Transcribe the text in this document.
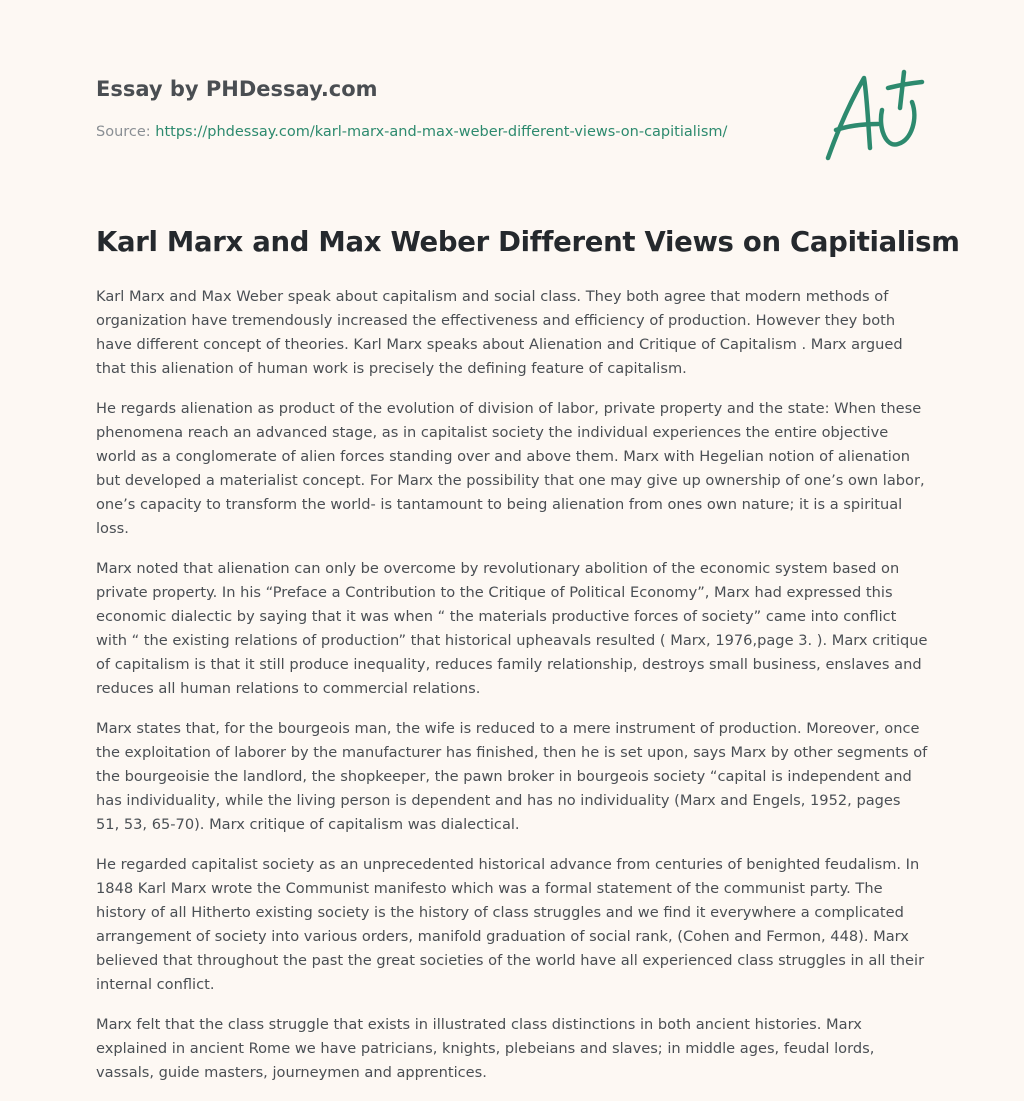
Essay by PHDessay.com

Source: https://phdessay.com/karl-marx-and-max-weber-different-views-on-capitialism/
Karl Marx and Max Weber Different Views on Capitialism

Karl Marx and Max Weber speak about capitalism and social class. They both agree that modern methods of organization have tremendously increased the effectiveness and efficiency of production. However they both have different concept of theories. Karl Marx speaks about Alienation and Critique of Capitalism . Marx argued that this alienation of human work is precisely the defining feature of capitalism.

He regards alienation as product of the evolution of division of labor, private property and the state: When these phenomena reach an advanced stage, as in capitalist society the individual experiences the entire objective world as a conglomerate of alien forces standing over and above them. Marx with Hegelian notion of alienation but developed a materialist concept. For Marx the possibility that one may give up ownership of one’s own labor, one’s capacity to transform the world- is tantamount to being alienation from ones own nature; it is a spiritual loss.

Marx noted that alienation can only be overcome by revolutionary abolition of the economic system based on private property. In his “Preface a Contribution to the Critique of Political Economy”, Marx had expressed this economic dialectic by saying that it was when “ the materials productive forces of society” came into conflict with “ the existing relations of production” that historical upheavals resulted ( Marx, 1976,page 3. ). Marx critique of capitalism is that it still produce inequality, reduces family relationship, destroys small business, enslaves and reduces all human relations to commercial relations.

Marx states that, for the bourgeois man, the wife is reduced to a mere instrument of production. Moreover, once the exploitation of laborer by the manufacturer has finished, then he is set upon, says Marx by other segments of the bourgeoisie the landlord, the shopkeeper, the pawn broker in bourgeois society “capital is independent and has individuality, while the living person is dependent and has no individuality (Marx and Engels, 1952, pages 51, 53, 65-70). Marx critique of capitalism was dialectical.

He regarded capitalist society as an unprecedented historical advance from centuries of benighted feudalism. In 1848 Karl Marx wrote the Communist manifesto which was a formal statement of the communist party. The history of all Hitherto existing society is the history of class struggles and we find it everywhere a complicated arrangement of society into various orders, manifold graduation of social rank, (Cohen and Fermon, 448). Marx believed that throughout the past the great societies of the world have all experienced class struggles in all their internal conflict.

Marx felt that the class struggle that exists in illustrated class distinctions in both ancient histories. Marx explained in ancient Rome we have patricians, knights, plebeians and slaves; in middle ages, feudal lords, vassals, guide masters, journeymen and apprentices.
